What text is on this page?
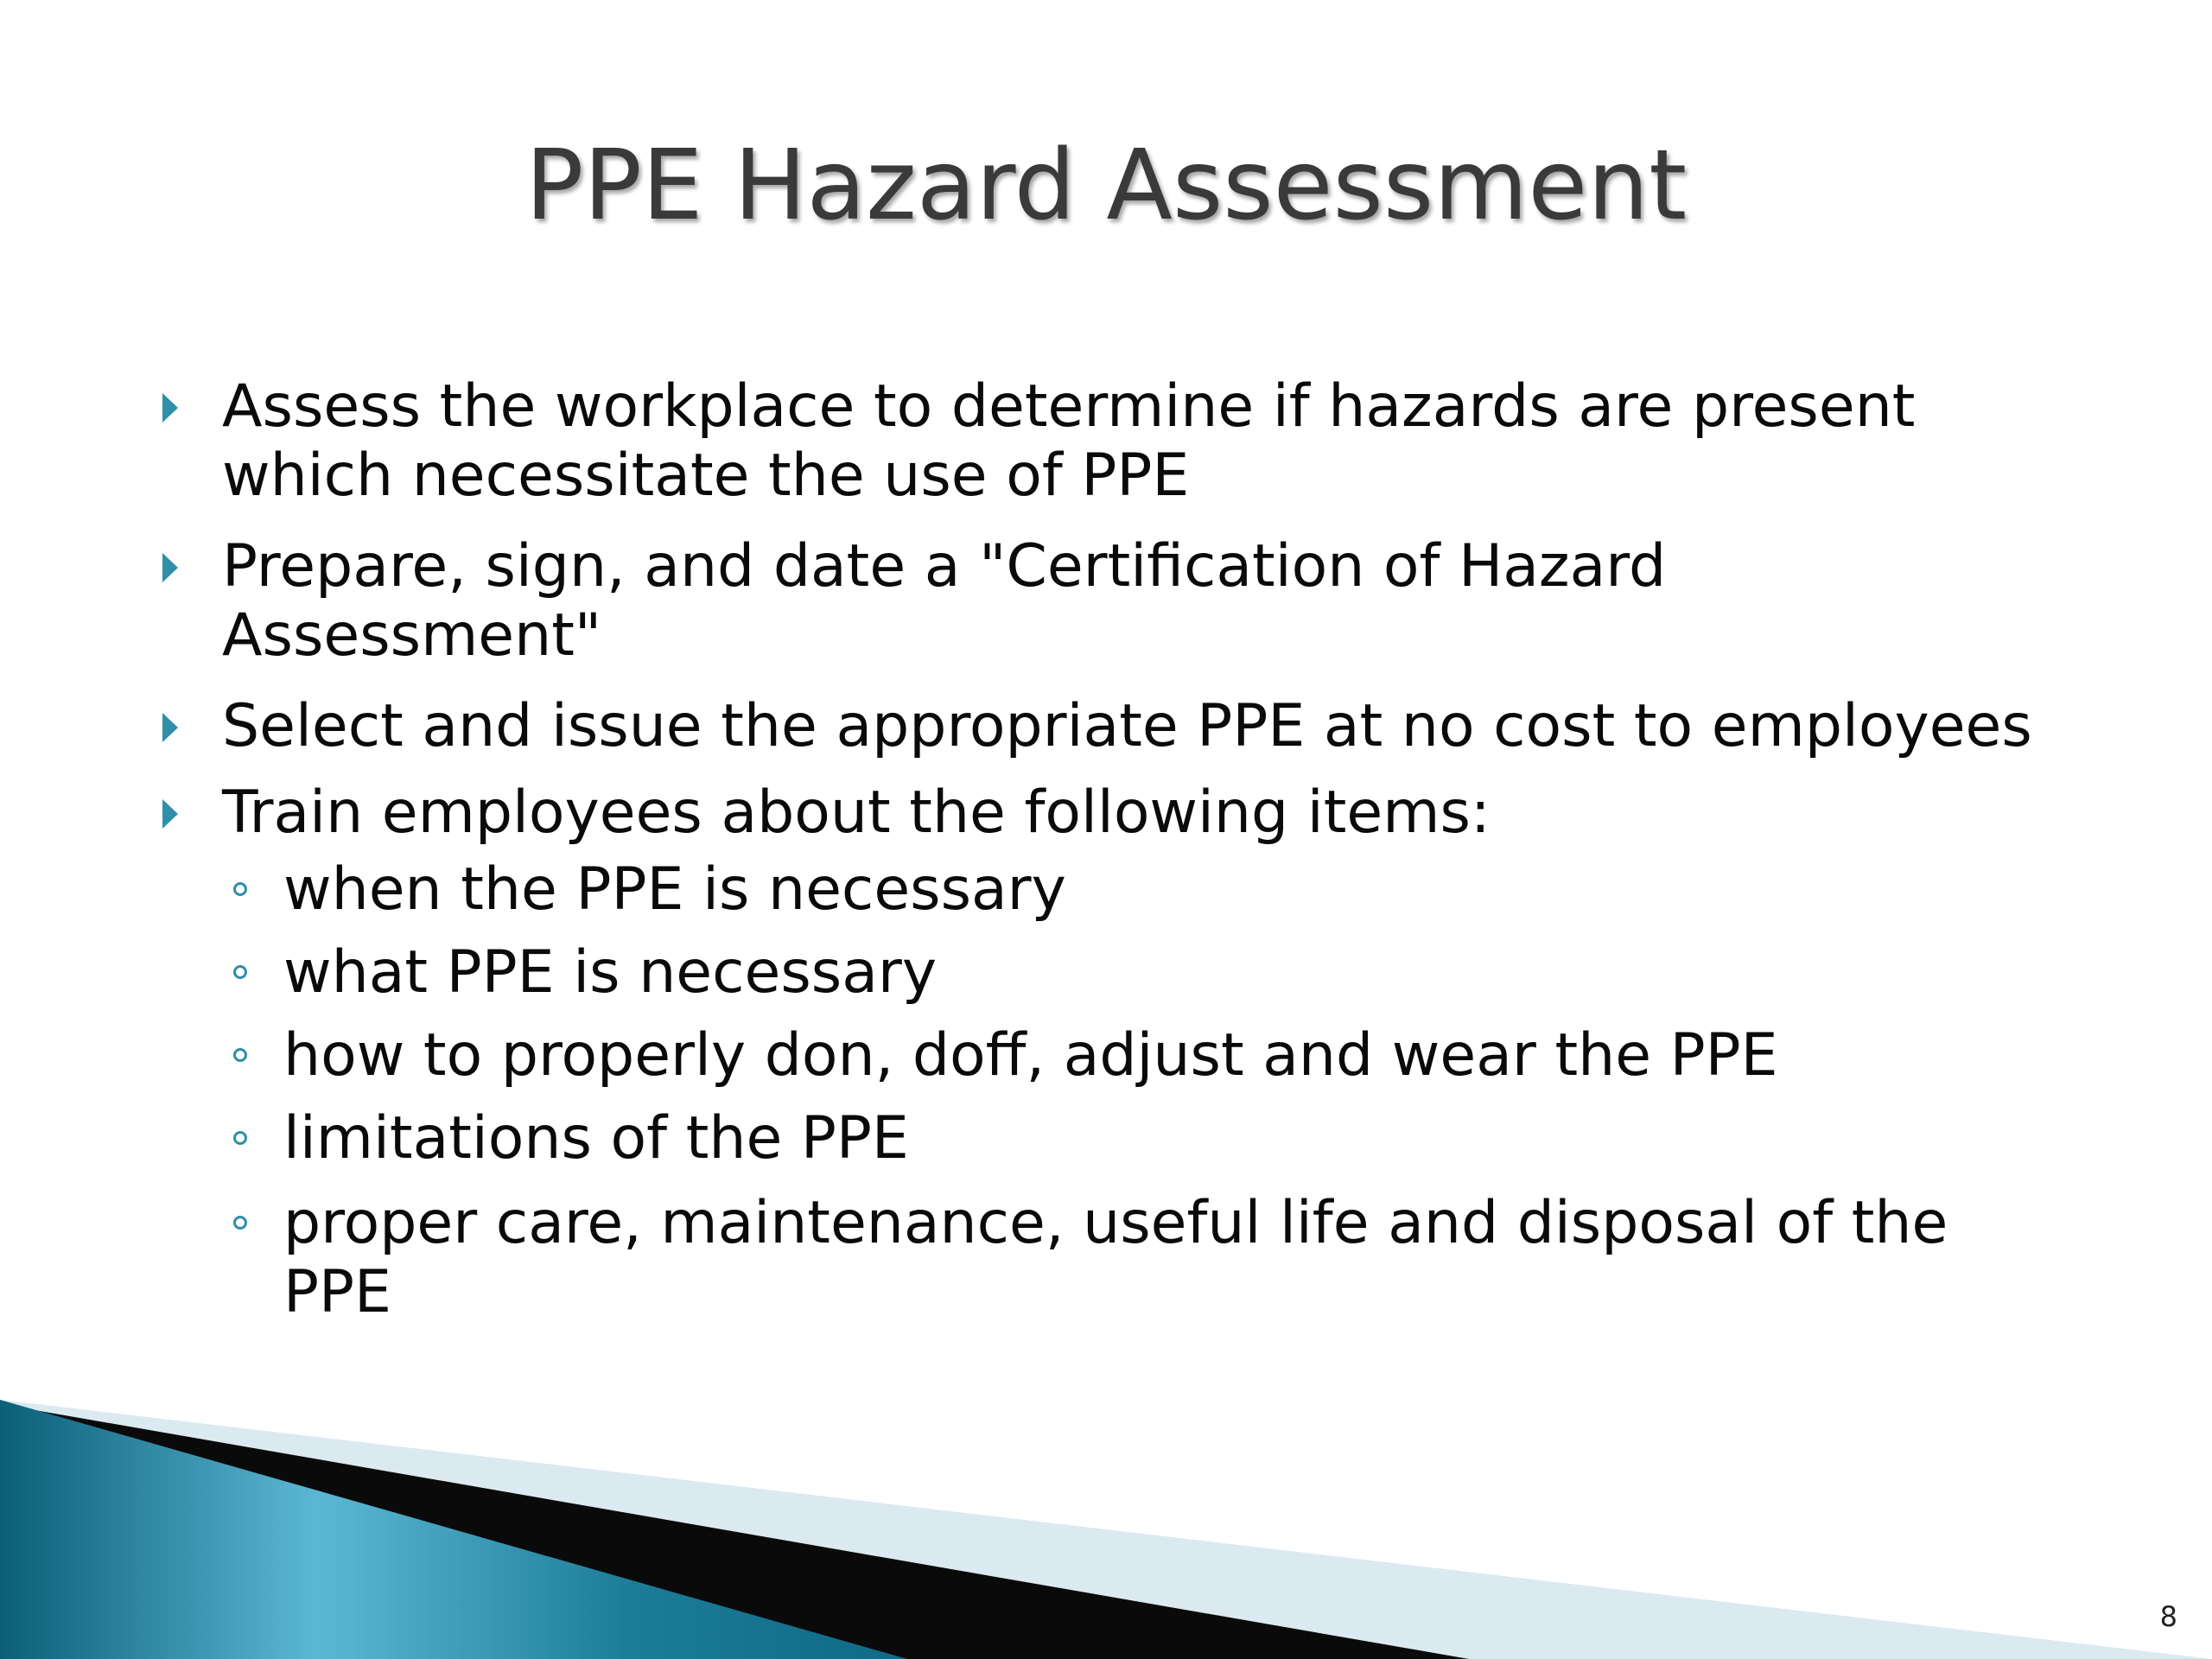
PPE Hazard Assessment
Assess the workplace to determine if hazards are present
which necessitate the use of PPE
Prepare, sign, and date a "Certification of Hazard
Assessment"
Select and issue the appropriate PPE at no cost to employees
Train employees about the following items:
when the PPE is necessary
what PPE is necessary
how to properly don, doff, adjust and wear the PPE
limitations of the PPE
proper care, maintenance, useful life and disposal of the
PPE
8
